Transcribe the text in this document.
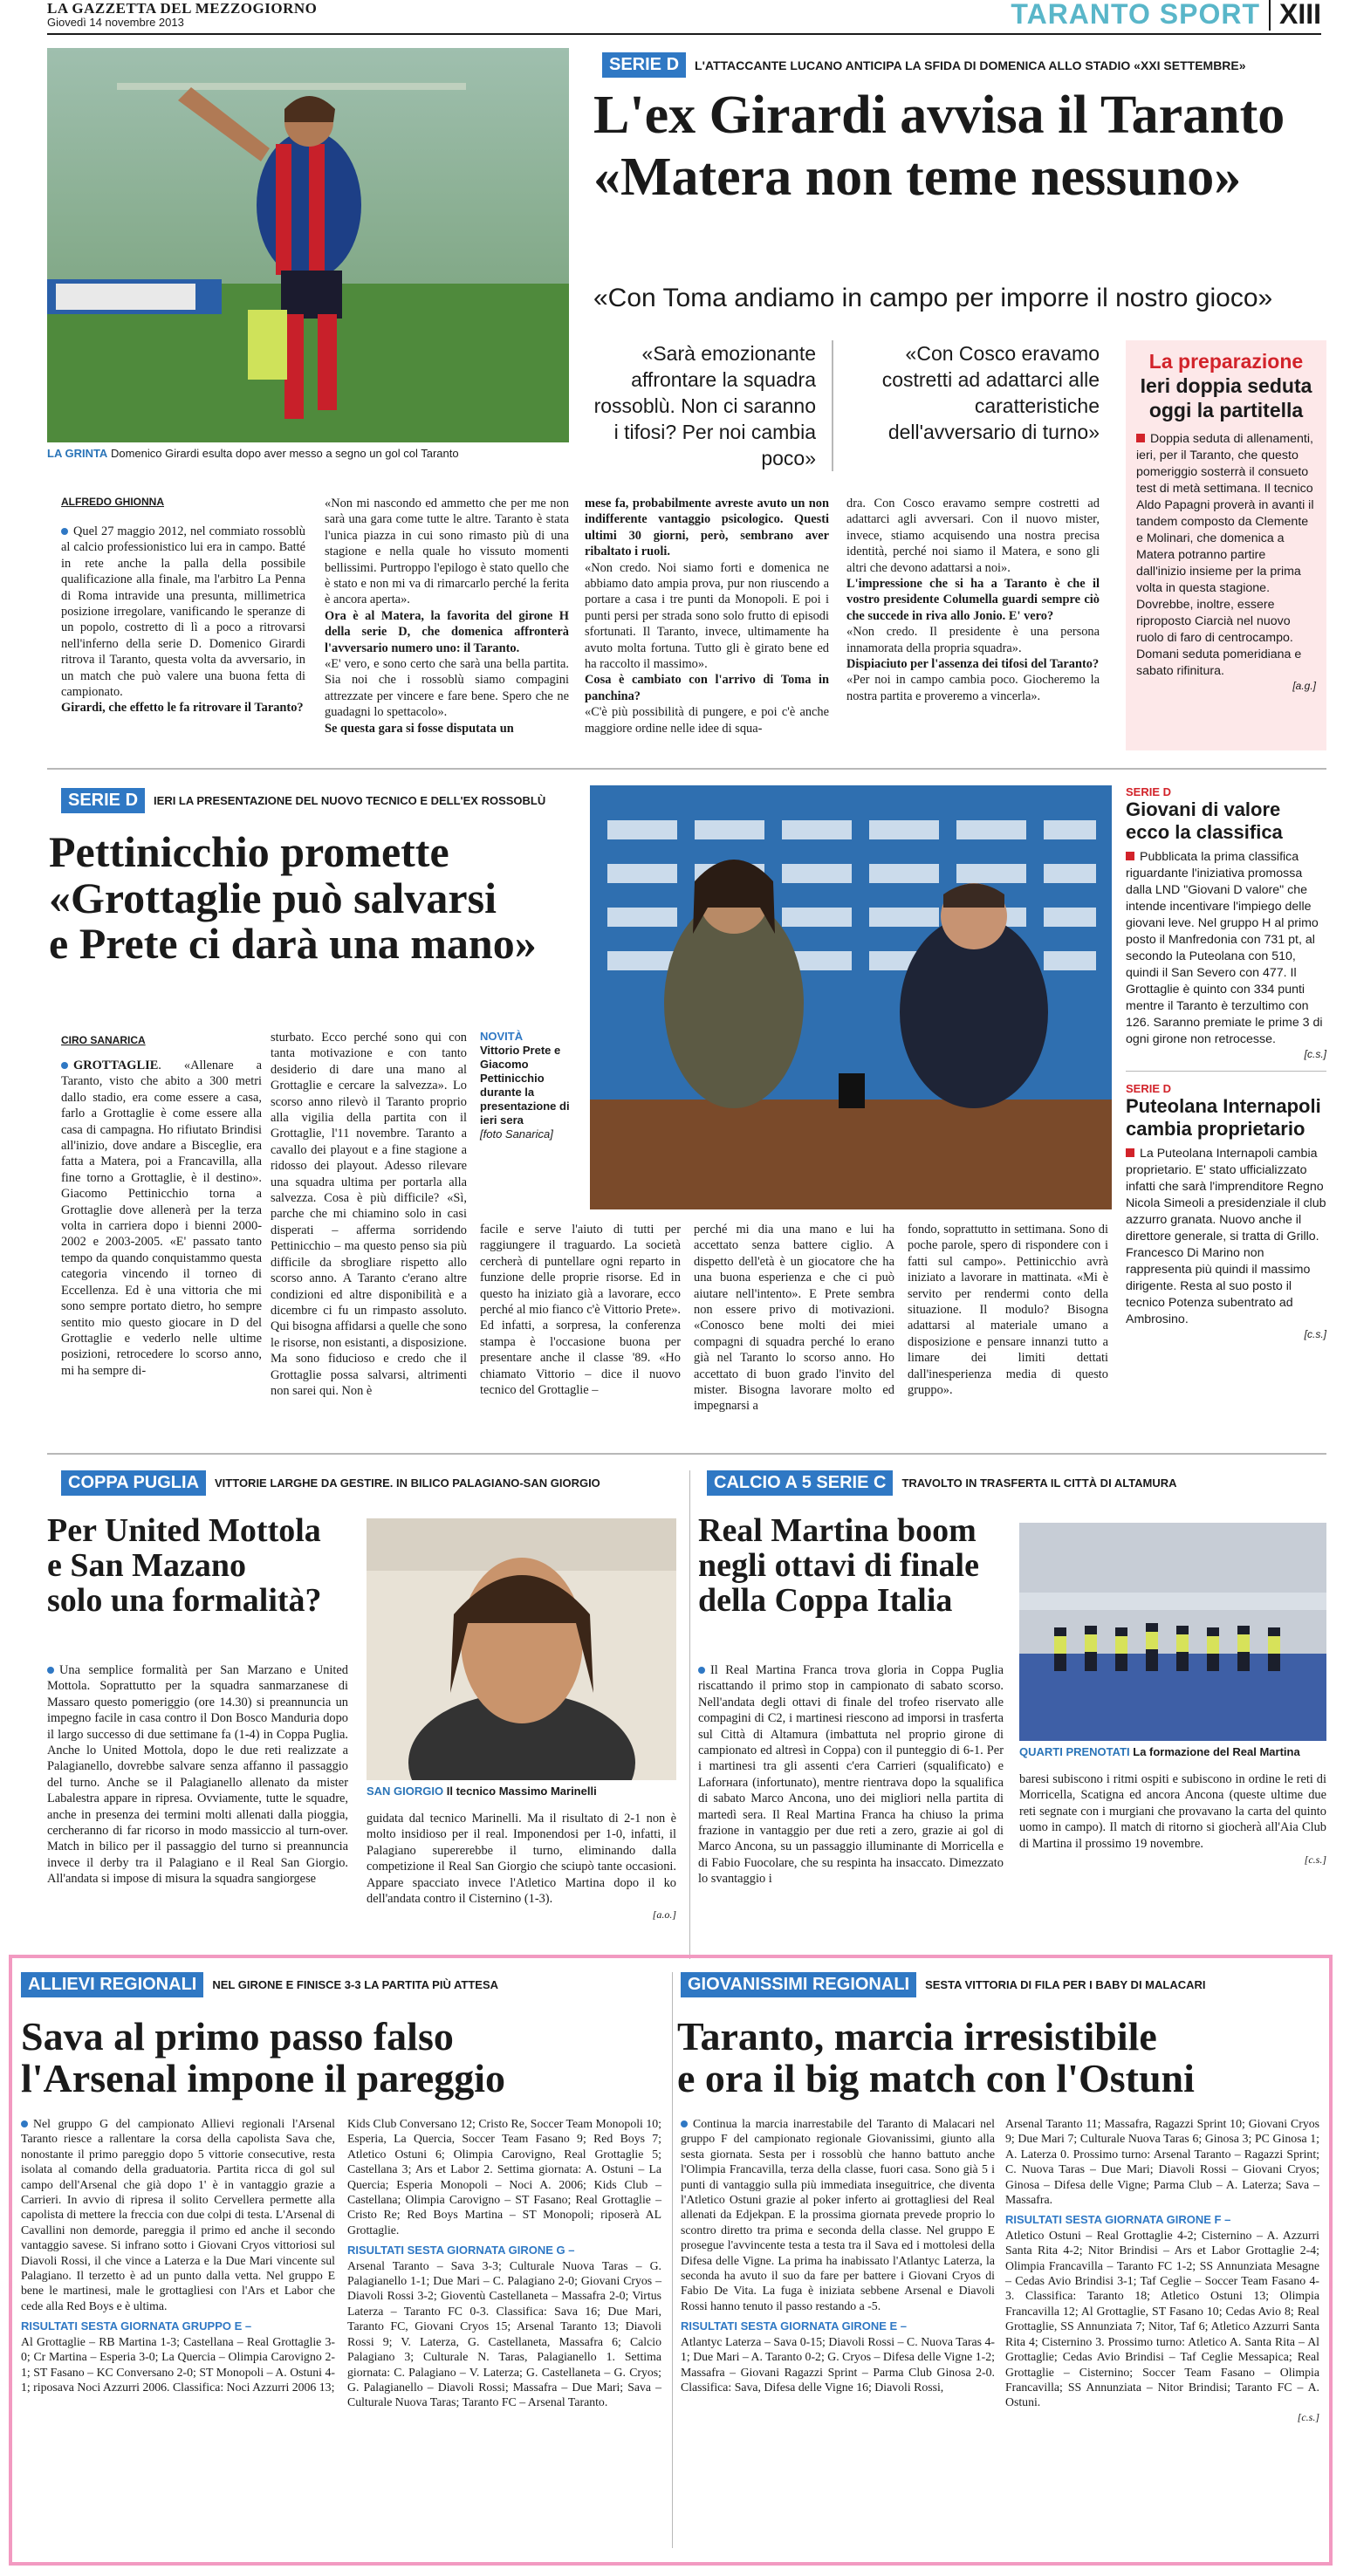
LA GAZZETTA DEL MEZZOGIORNO
Giovedì 14 novembre 2013	TARANTO SPORT XIII
LA GRINTA Domenico Girardi esulta dopo aver messo a segno un gol col Taranto
SERIE D	L'ATTACCANTE LUCANO ANTICIPA LA SFIDA DI DOMENICA ALLO STADIO «XXI SETTEMBRE»
L'ex Girardi avvisa il Taranto
«Matera non teme nessuno»
«Con Toma andiamo in campo per imporre il nostro gioco»
«Sarà emozionante affrontare la squadra rossoblù. Non ci saranno i tifosi? Per noi cambia poco»
«Con Cosco eravamo costretti ad adattarci alle caratteristiche dell'avversario di turno»
La preparazione
Ieri doppia seduta oggi la partitella
Doppia seduta di allenamenti, ieri, per il Taranto, che questo pomeriggio sosterrà il consueto test di metà settimana. Il tecnico Aldo Papagni proverà in avanti il tandem composto da Clemente e Molinari, che domenica a Matera potranno partire dall'inizio insieme per la prima volta in questa stagione. Dovrebbe, inoltre, essere riproposto Ciarcià nel nuovo ruolo di faro di centrocampo. Domani seduta pomeridiana e sabato rifinitura.
[a.g.]
ALFREDO GHIONNA

Quel 27 maggio 2012, nel commiato rossoblù al calcio professionistico lui era in campo. Batté in rete anche la palla della possibile qualificazione alla finale, ma l'arbitro La Penna di Roma intravide una presunta, millimetrica posizione irregolare, vanificando le speranze di un popolo, costretto di lì a poco a ritrovarsi nell'inferno della serie D. Domenico Girardi ritrova il Taranto, questa volta da avversario, in un match che può valere una buona fetta di campionato.

Girardi, che effetto le fa ritrovare il Taranto?

«Non mi nascondo ed ammetto che per me non sarà una gara come tutte le altre. Taranto è stata l'unica piazza in cui sono rimasto più di una stagione e nella quale ho vissuto momenti bellissimi. Purtroppo l'epilogo è stato quello che è stato e non mi va di rimarcarlo perché la ferita è ancora aperta».

Ora è al Matera, la favorita del girone H della serie D, che domenica affronterà l'avversario numero uno: il Taranto.

«E' vero, e sono certo che sarà una bella partita. Sia noi che i rossoblù siamo compagini attrezzate per vincere e fare bene. Spero che ne guadagni lo spettacolo».

Se questa gara si fosse disputata un

mese fa, probabilmente avreste avuto un non indifferente vantaggio psicologico. Questi ultimi 30 giorni, però, sembrano aver ribaltato i ruoli.

«Non credo. Noi siamo forti e domenica ne abbiamo dato ampia prova, pur non riuscendo a portare a casa i tre punti da Monopoli. E poi i punti persi per strada sono solo frutto di episodi sfortunati. Il Taranto, invece, ultimamente ha avuto molta fortuna. Tutto gli è girato bene ed ha raccolto il massimo».

Cosa è cambiato con l'arrivo di Toma in panchina?

«C'è più possibilità di pungere, e poi c'è anche maggiore ordine nelle idee di squa-

dra. Con Cosco eravamo sempre costretti ad adattarci agli avversari. Con il nuovo mister, invece, stiamo acquisendo una nostra precisa identità, perché noi siamo il Matera, e sono gli altri che devono adattarsi a noi».

L'impressione che si ha a Taranto è che il vostro presidente Columella guardi sempre ciò che succede in riva allo Jonio. E' vero?

«Non credo. Il presidente è una persona innamorata della propria squadra».

Dispiaciuto per l'assenza dei tifosi del Taranto?

«Per noi in campo cambia poco. Giocheremo la nostra partita e proveremo a vincerla».

SERIE D	IERI LA PRESENTAZIONE DEL NUOVO TECNICO E DELL'EX ROSSOBLÙ
Pettinicchio promette
«Grottaglie può salvarsi
e Prete ci darà una mano»
NOVITÀ
Vittorio Prete e Giacomo Pettinicchio durante la presentazione di ieri sera
[foto Sanarica]
CIRO SANARICA

GROTTAGLIE. «Allenare a Taranto, visto che abito a 300 metri dallo stadio, era come essere a casa, farlo a Grottaglie è come essere alla casa di campagna. Ho rifiutato Brindisi all'inizio, dove andare a Bisceglie, era fatta a Matera, poi a Francavilla, alla fine torno a Grottaglie, è il destino». Giacomo Pettinicchio torna a Grottaglie dove allenerà per la terza volta in carriera dopo i bienni 2000-2002 e 2003-2005. «E' passato tanto tempo da quando conquistammo questa categoria vincendo il torneo di Eccellenza. Ed è una vittoria che mi sono sempre portato dietro, ho sempre sentito mio questo giocare in D del Grottaglie e vederlo nelle ultime posizioni, retrocedere lo scorso anno, mi ha sempre di-

sturbato. Ecco perché sono qui con tanta motivazione e con tanto desiderio di dare una mano al Grottaglie e cercare la salvezza». Lo scorso anno rilevò il Taranto proprio alla vigilia della partita con il Grottaglie, l'11 novembre. Taranto a cavallo dei playout e a fine stagione a ridosso dei playout. Adesso rilevare una squadra ultima per portarla alla salvezza. Cosa è più difficile? «Sì, parche che mi chiamino solo in casi disperati – afferma sorridendo Pettinicchio – ma questo penso sia più difficile da sbrogliare rispetto allo scorso anno. A Taranto c'erano altre condizioni ed altre disponibilità e a dicembre ci fu un rimpasto assoluto. Qui bisogna affidarsi a quelle che sono le risorse, non esistanti, a disposizione. Ma sono fiducioso e credo che il Grottaglie possa salvarsi, altrimenti non sarei qui. Non è

facile e serve l'aiuto di tutti per raggiungere il traguardo. La società cercherà di puntellare ogni reparto in funzione delle proprie risorse. Ed in questo ha iniziato già a lavorare, ecco perché al mio fianco c'è Vittorio Prete». Ed infatti, a sorpresa, la conferenza stampa è l'occasione buona per presentare anche il classe '89. «Ho chiamato Vittorio – dice il nuovo tecnico del Grottaglie –

perché mi dia una mano e lui ha accettato senza battere ciglio. A dispetto dell'età è un giocatore che ha una buona esperienza e che ci può aiutare nell'intento». E Prete sembra non essere privo di motivazioni. «Conosco bene molti dei miei compagni di squadra perché lo erano già nel Taranto lo scorso anno. Ho accettato di buon grado l'invito del mister. Bisogna lavorare molto ed impegnarsi a

fondo, soprattutto in settimana. Sono di poche parole, spero di rispondere con i fatti sul campo». Pettinicchio avrà iniziato a lavorare in mattinata. «Mi è servito per rendermi conto della situazione. Il modulo? Bisogna adattarsi al materiale umano a disposizione e pensare innanzi tutto a limare dei limiti dettati dall'inesperienza media di questo gruppo».

SERIE D
Giovani di valore ecco la classifica
Pubblicata la prima classifica riguardante l'iniziativa promossa dalla LND "Giovani D valore" che intende incentivare l'impiego delle giovani leve. Nel gruppo H al primo posto il Manfredonia con 731 pt, al secondo la Puteolana con 510, quindi il San Severo con 477. Il Grottaglie è quinto con 334 punti mentre il Taranto è terzultimo con 126. Saranno premiate le prime 3 di ogni girone non retrocesse.
[c.s.]
SERIE D
Puteolana Internapoli cambia proprietario
La Puteolana Internapoli cambia proprietario. E' stato ufficializzato infatti che sarà l'imprenditore Regno Nicola Simeoli a presidenziale il club azzurro granata. Nuovo anche il direttore generale, si tratta di Grillo. Francesco Di Marino non rappresenta più quindi il massimo dirigente. Resta al suo posto il tecnico Potenza subentrato ad Ambrosino.
[c.s.]
COPPA PUGLIA	VITTORIE LARGHE DA GESTIRE. IN BILICO PALAGIANO-SAN GIORGIO
Per United Mottola
e San Mazano
solo una formalità?
SAN GIORGIO Il tecnico Massimo Marinelli

Una semplice formalità per San Marzano e United Mottola. Soprattutto per la squadra sanmarzanese di Massaro questo pomeriggio (ore 14.30) si preannuncia un impegno facile in casa contro il Don Bosco Manduria dopo il largo successo di due settimane fa (1-4) in Coppa Puglia. Anche lo United Mottola, dopo le due reti realizzate a Palagianello, dovrebbe salvare senza affanno il passaggio del turno. Anche se il Palagianello allenato da mister Labalestra appare in ripresa. Ovviamente, tutte le squadre, anche in presenza dei termini molti allenati dalla pioggia, cercheranno di far ricorso in modo massiccio al turn-over. Match in bilico per il passaggio del turno si preannuncia invece il derby tra il Palagiano e il Real San Giorgio. All'andata si impose di misura la squadra sangiorgese

guidata dal tecnico Marinelli. Ma il risultato di 2-1 non è molto insidioso per il real. Imponendosi per 1-0, infatti, il Palagiano supererebbe il turno, eliminando dalla competizione il Real San Giorgio che sciupò tante occasioni. Appare spacciato invece l'Atletico Martina dopo il ko dell'andata contro il Cisternino (1-3).

[a.o.]

CALCIO A 5 SERIE C	TRAVOLTO IN TRASFERTA IL CITTÀ DI ALTAMURA
Real Martina boom
negli ottavi di finale
della Coppa Italia
QUARTI PRENOTATI La formazione del Real Martina

Il Real Martina Franca trova gloria in Coppa Puglia riscattando il primo stop in campionato di sabato scorso. Nell'andata degli ottavi di finale del trofeo riservato alle compagini di C2, i martinesi riescono ad imporsi in trasferta sul Città di Altamura (imbattuta nel proprio girone di campionato ed altresì in Coppa) con il punteggio di 6-1. Per i martinesi tra gli assenti c'era Carrieri (squalificato) e Laforнara (infortunato), mentre rientrava dopo la squalifica di sabato Marco Ancona, uno dei migliori nella partita di martedì sera. Il Real Martina Franca ha chiuso la prima frazione in vantaggio per due reti a zero, grazie ai gol di Marco Ancona, su un passaggio illuminante di Morricella e di Fabio Fuocolare, che su respinta ha insaccato. Dimezzato lo svantaggio i

baresi subiscono i ritmi ospiti e subiscono in ordine le reti di Morricella, Scatigna ed ancora Ancona (queste ultime due reti segnate con i murgiani che provavano la carta del quinto uomo in campo). Il match di ritorno si giocherà all'Aia Club di Martina il prossimo 19 novembre.

[c.s.]

ALLIEVI REGIONALI	NEL GIRONE E FINISCE 3-3 LA PARTITA PIÙ ATTESA
Sava al primo passo falso
l'Arsenal impone il pareggio

Nel gruppo G del campionato Allievi regionali l'Arsenal Taranto riesce a rallentare la corsa della capolista Sava che, nonostante il primo pareggio dopo 5 vittorie consecutive, resta isolata al comando della graduatoria. Partita ricca di gol sul campo dell'Arsenal che già dopo 1' è in vantaggio grazie a Carrieri. In avvio di ripresa il solito Cervellera permette alla capolista di mettere la freccia con due colpi di testa. L'Arsenal di Cavallini non demorde, pareggia il primo ed anche il secondo vantaggio savese. Si infrano sotto i Giovani Cryos vittoriosi sul Diavoli Rossi, il che vince a Laterza e la Due Mari vincente sul Palagiano. Il terzetto è ad un punto dalla vetta. Nel gruppo E bene le martinesi, male le grottagliesi con l'Ars et Labor che cede alla Red Boys e è ultima.

RISULTATI SESTA GIORNATA GRUPPO E –

Al Grottaglie – RB Martina 1-3; Castellana – Real Grottaglie 3-0; Cr Martina – Esperia 3-0; La Quercia – Olimpia Carovigno 2-1; ST Fasano – KC Conversano 2-0; ST Monopoli – A. Ostuni 4-1; riposava Noci Azzurri 2006. Classifica: Noci Azzurri 2006 13;

Kids Club Conversano 12; Cristo Re, Soccer Team Monopoli 10; Esperia, La Quercia, Soccer Team Fasano 9; Red Boys 7; Atletico Ostuni 6; Olimpia Carovigno, Real Grottaglie 5; Castellana 3; Ars et Labor 2. Settima giornata: A. Ostuni – La Quercia; Esperia Monopoli – Noci A. 2006; Kids Club – Castellana; Olimpia Carovigno – ST Fasano; Real Grottaglie – Cristo Re; Red Boys Martina – ST Monopoli; riposerà AL Grottaglie.

RISULTATI SESTA GIORNATA GIRONE G –

Arsenal Taranto – Sava 3-3; Culturale Nuova Taras – G. Palagianello 1-1; Due Mari – C. Palagiano 2-0; Giovani Cryos – Diavoli Rossi 3-2; Gioventù Castellaneta – Massafra 2-0; Virtus Laterza – Taranto FC 0-3. Classifica: Sava 16; Due Mari, Taranto FC, Giovani Cryos 15; Arsenal Taranto 13; Diavoli Rossi 9; V. Laterza, G. Castellaneta, Massafra 6; Calcio Palagiano 3; Culturale N. Taras, Palagianello 1. Settima giornata: C. Palagiano – V. Laterza; G. Castellaneta – G. Cryos; G. Palagianello – Diavoli Rossi; Massafra – Due Mari; Sava – Culturale Nuova Taras; Taranto FC – Arsenal Taranto.

GIOVANISSIMI REGIONALI	SESTA VITTORIA DI FILA PER I BABY DI MALACARI
Taranto, marcia irresistibile
e ora il big match con l'Ostuni

Continua la marcia inarrestabile del Taranto di Malacari nel gruppo F del campionato regionale Giovanissimi, giunto alla sesta giornata. Sesta per i rossoblù che hanno battuto anche l'Olimpia Francavilla, terza della classe, fuori casa. Sono già 5 i punti di vantaggio sulla più immediata inseguitrice, che diventa l'Atletico Ostuni grazie al poker inferto ai grottagliesi del Real allenati da Edjekpan. E la prossima giornata prevede proprio lo scontro diretto tra prima e seconda della classe. Nel gruppo E prosegue l'avvincente testa a testa tra il Sava ed i mottolesi della Difesa delle Vigne. La prima ha inabissato l'Atlantyc Laterza, la seconda ha avuto il suo da fare per battere i Giovani Cryos di Fabio De Vita. La fuga è iniziata sebbene Arsenal e Diavoli Rossi hanno tenuto il passo restando a -5.

RISULTATI SESTA GIORNATA GIRONE E –

Atlantyc Laterza – Sava 0-15; Diavoli Rossi – C. Nuova Taras 4-1; Due Mari – A. Taranto 0-2; G. Cryos – Difesa delle Vigne 1-2; Massafra – Giovani Ragazzi Sprint – Parma Club Ginosa 2-0. Classifica: Sava, Difesa delle Vigne 16; Diavoli Rossi,

Arsenal Taranto 11; Massafra, Ragazzi Sprint 10; Giovani Cryos 9; Due Mari 7; Culturale Nuova Taras 6; Ginosa 3; PC Ginosa 1; A. Laterza 0. Prossimo turno: Arsenal Taranto – Ragazzi Sprint; C. Nuova Taras – Due Mari; Diavoli Rossi – Giovani Cryos; Ginosa – Difesa delle Vigne; Parma Club – A. Laterza; Sava – Massafra.

RISULTATI SESTA GIORNATA GIRONE F –

Atletico Ostuni – Real Grottaglie 4-2; Cisternino – A. Azzurri Santa Rita 4-2; Nitor Brindisi – Ars et Labor Grottaglie 2-4; Olimpia Francavilla – Taranto FC 1-2; SS Annunziata Mesagne – Cedas Avio Brindisi 3-1; Taf Ceglie – Soccer Team Fasano 4-3. Classifica: Taranto 18; Atletico Ostuni 13; Olimpia Francavilla 12; Al Grottaglie, ST Fasano 10; Cedas Avio 8; Real Grottaglie, SS Annunziata 7; Nitor, Taf 6; Atletico Azzurri Santa Rita 4; Cisternino 3. Prossimo turno: Atletico A. Santa Rita – Al Grottaglie; Cedas Avio Brindisi – Taf Ceglie Messapica; Real Grottaglie – Cisternino; Soccer Team Fasano – Olimpia Francavilla; SS Annunziata – Nitor Brindisi; Taranto FC – A. Ostuni.

[c.s.]
